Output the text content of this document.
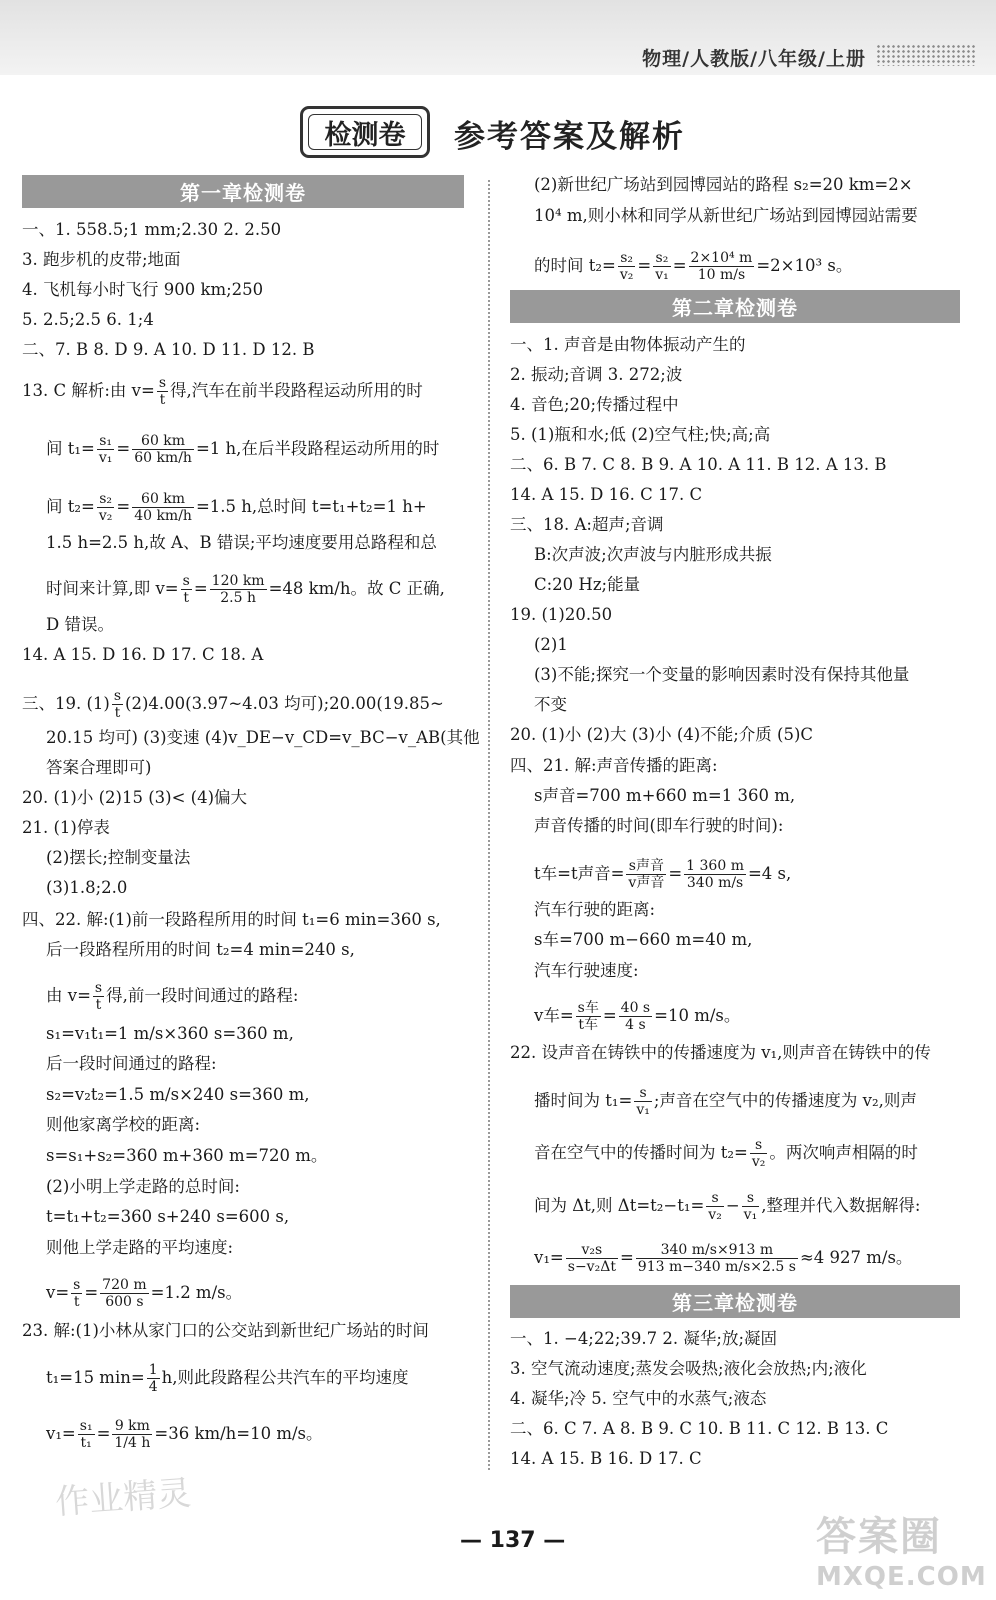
物理/人教版/八年级/上册
检测卷	参考答案及解析
第一章检测卷
一、1. 558.5;1 mm;2.30 2. 2.50
3. 跑步机的皮带;地面
4. 飞机每小时飞行 900 km;250
5. 2.5;2.5 6. 1;4
二、7. B 8. D 9. A 10. D 11. D 12. B
13. C 解析:由 $v= \frac{s}{t}$ 得,汽车在前半段路程运动所用的时
间 $t_1= \frac{\text{s₁}}{\text{v₁}} = \frac{60 km}{60 km/h} =1$ h,在后半段路程运动所用的时
间 $t_2= \frac{\text{s₂}}{\text{v₂}} = \frac{60 km}{40 km/h} =1.5$ h,总时间 t=t₁+t₂=1 h+
1.5 h=2.5 h,故 A、B 错误;平均速度要用总路程和总
时间来计算,即 $v= \frac{s}{t} = \frac{120 km}{2.5 h} =48$ km/h。故 C 正确,
D 错误。
14. A 15. D 16. D 17. C 18. A
三、19. $(1) \frac{s}{t}$ (2)4.00(3.97~4.03 均可);20.00(19.85~
20.15 均可) (3)变速 (4)v_DE−v_CD=v_BC−v_AB(其他
答案合理即可)
20. (1)小 (2)15 (3)< (4)偏大
21. (1)停表
(2)摆长;控制变量法
(3)1.8;2.0
四、22. 解:(1)前一段路程所用的时间 t₁=6 min=360 s,
后一段路程所用的时间 t₂=4 min=240 s,
由 $v= \frac{s}{t}$ 得,前一段时间通过的路程:
s₁=v₁t₁=1 m/s×360 s=360 m,
后一段时间通过的路程:
s₂=v₂t₂=1.5 m/s×240 s=360 m,
则他家离学校的距离:
s=s₁+s₂=360 m+360 m=720 m。
(2)小明上学走路的总时间:
t=t₁+t₂=360 s+240 s=600 s,
则他上学走路的平均速度:
$v= \frac{s}{t} = \frac{720 m}{600 s} =1.2$ m/s。
23. 解:(1)小林从家门口的公交站到新世纪广场站的时间
t₁=15 $\min= \frac{1}{4} h$,则此段路程公共汽车的平均速度
$v_1= \frac{\text{s₁}}{\text{t₁}} = \frac{9 km}{1/4 h} =36$ km/h=10 m/s。
(2)新世纪广场站到园博园站的路程 s₂=20 km=2×
10⁴ m,则小林和同学从新世纪广场站到园博园站需要
的时间 $t_2= \frac{\text{s₂}}{\text{v₂}} = \frac{\text{s₂}}{\text{v₁}} = \frac{\text{2×10⁴ m}}{10 m/s} =2\times 10^3$ s。
第二章检测卷
一、1. 声音是由物体振动产生的
2. 振动;音调 3. 272;波
4. 音色;20;传播过程中
5. (1)瓶和水;低 (2)空气柱;快;高;高
二、6. B 7. C 8. B 9. A 10. A 11. B 12. A 13. B
14. A 15. D 16. C 17. C
三、18. A:超声;音调
B:次声波;次声波与内脏形成共振
C:20 Hz;能量
19. (1)20.50
(2)1
(3)不能;探究一个变量的影响因素时没有保持其他量
不变
20. (1)小 (2)大 (3)小 (4)不能;介质 (5)C
四、21. 解:声音传播的距离:
s声音=700 m+660 m=1 360 m,
声音传播的时间(即车行驶的时间):
t车=t声音= $\frac{\text{s声音}}{\text{v声音}} = \frac{1 360 m}{340 m/s} =4$ s,
汽车行驶的距离:
s车=700 m−660 m=40 m,
汽车行驶速度:
v车= $\frac{\text{s车}}{\text{t车}} = \frac{40 s}{4 s} =10$ m/s。
22. 设声音在铸铁中的传播速度为 v₁,则声音在铸铁中的传
播时间为 $t_1= \frac{s}{\text{v₁}}$ ;声音在空气中的传播速度为 v₂,则声
音在空气中的传播时间为 $t_2= \frac{s}{\text{v₂}}$ 。两次响声相隔的时
间为 Δt,则 $\Delta t=t_2-t_1= \frac{s}{\text{v₂}} - \frac{s}{\text{v₁}}$ ,整理并代入数据解得:
$v_1= \frac{\text{v₂s}}{\text{s−v₂Δt}} = \frac{340 m/s\times 913 m}{913 m-340 m/s\times 2.5 s} \approx 4$ 927 m/s。
第三章检测卷
一、1. −4;22;39.7 2. 凝华;放;凝固
3. 空气流动速度;蒸发会吸热;液化会放热;内;液化
4. 凝华;冷 5. 空气中的水蒸气;液态
二、6. C 7. A 8. B 9. C 10. B 11. C 12. B 13. C
14. A 15. B 16. D 17. C
— 137 —
作业精灵
答案圈
MXQE.COM
